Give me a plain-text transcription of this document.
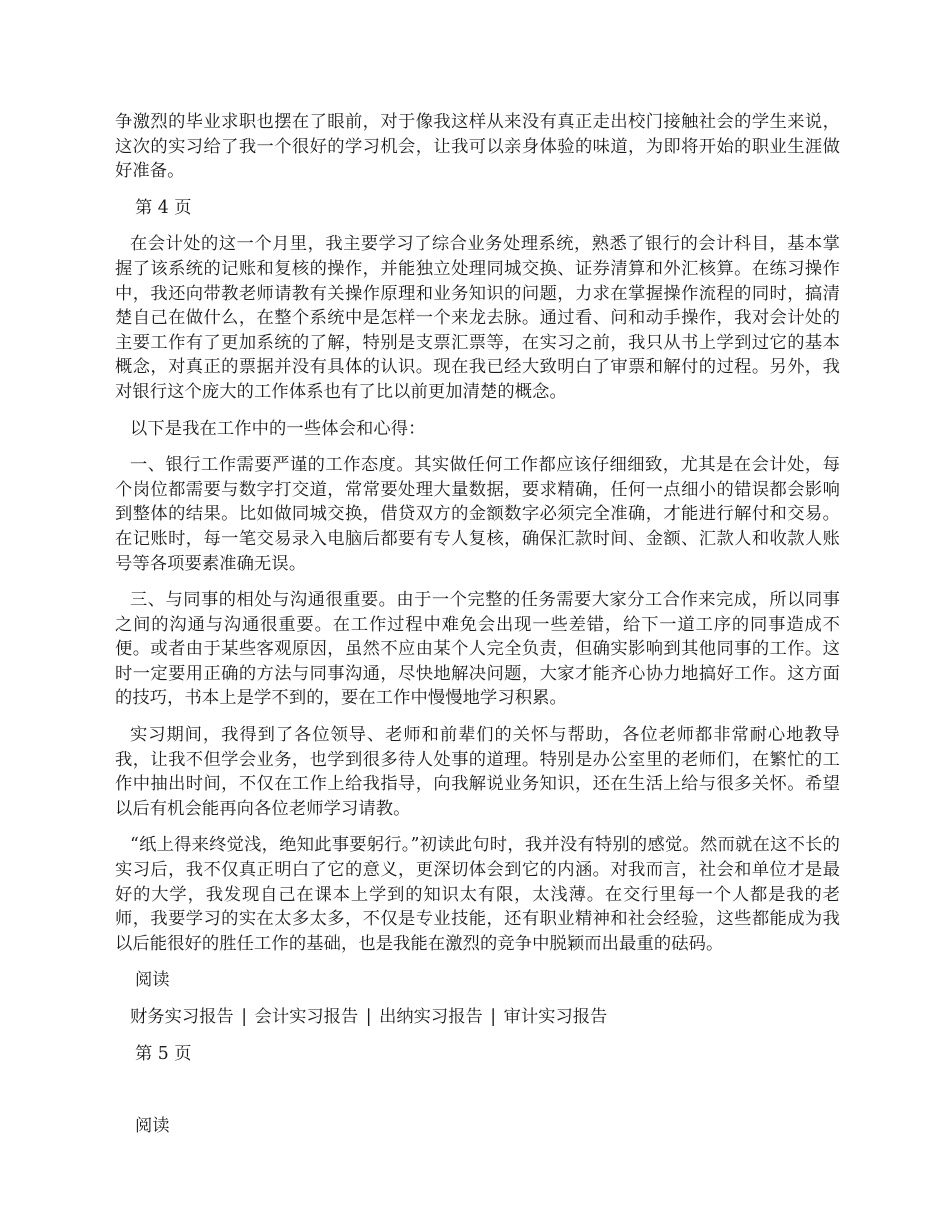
争激烈的毕业求职也摆在了眼前，对于像我这样从来没有真正走出校门接触社会的学生来说，这次的实习给了我一个很好的学习机会，让我可以亲身体验的味道，为即将开始的职业生涯做好准备。

第 4 页

在会计处的这一个月里，我主要学习了综合业务处理系统，熟悉了银行的会计科目，基本掌握了该系统的记账和复核的操作，并能独立处理同城交换、证券清算和外汇核算。在练习操作中，我还向带教老师请教有关操作原理和业务知识的问题，力求在掌握操作流程的同时，搞清楚自己在做什么，在整个系统中是怎样一个来龙去脉。通过看、问和动手操作，我对会计处的主要工作有了更加系统的了解，特别是支票汇票等，在实习之前，我只从书上学到过它的基本概念，对真正的票据并没有具体的认识。现在我已经大致明白了审票和解付的过程。另外，我对银行这个庞大的工作体系也有了比以前更加清楚的概念。

以下是我在工作中的一些体会和心得：

一、银行工作需要严谨的工作态度。其实做任何工作都应该仔细细致，尤其是在会计处，每个岗位都需要与数字打交道，常常要处理大量数据，要求精确，任何一点细小的错误都会影响到整体的结果。比如做同城交换，借贷双方的金额数字必须完全准确，才能进行解付和交易。在记账时，每一笔交易录入电脑后都要有专人复核，确保汇款时间、金额、汇款人和收款人账号等各项要素准确无误。

三、与同事的相处与沟通很重要。由于一个完整的任务需要大家分工合作来完成，所以同事之间的沟通与沟通很重要。在工作过程中难免会出现一些差错，给下一道工序的同事造成不便。或者由于某些客观原因，虽然不应由某个人完全负责，但确实影响到其他同事的工作。这时一定要用正确的方法与同事沟通，尽快地解决问题，大家才能齐心协力地搞好工作。这方面的技巧，书本上是学不到的，要在工作中慢慢地学习积累。

实习期间，我得到了各位领导、老师和前辈们的关怀与帮助，各位老师都非常耐心地教导我，让我不但学会业务，也学到很多待人处事的道理。特别是办公室里的老师们，在繁忙的工作中抽出时间，不仅在工作上给我指导，向我解说业务知识，还在生活上给与很多关怀。希望以后有机会能再向各位老师学习请教。

“纸上得来终觉浅，绝知此事要躬行。”初读此句时，我并没有特别的感觉。然而就在这不长的实习后，我不仅真正明白了它的意义，更深切体会到它的内涵。对我而言，社会和单位才是最好的大学，我发现自己在课本上学到的知识太有限，太浅薄。在交行里每一个人都是我的老师，我要学习的实在太多太多，不仅是专业技能，还有职业精神和社会经验，这些都能成为我以后能很好的胜任工作的基础，也是我能在激烈的竞争中脱颖而出最重的砝码。

阅读

财务实习报告 | 会计实习报告 | 出纳实习报告 | 审计实习报告

第 5 页

阅读
